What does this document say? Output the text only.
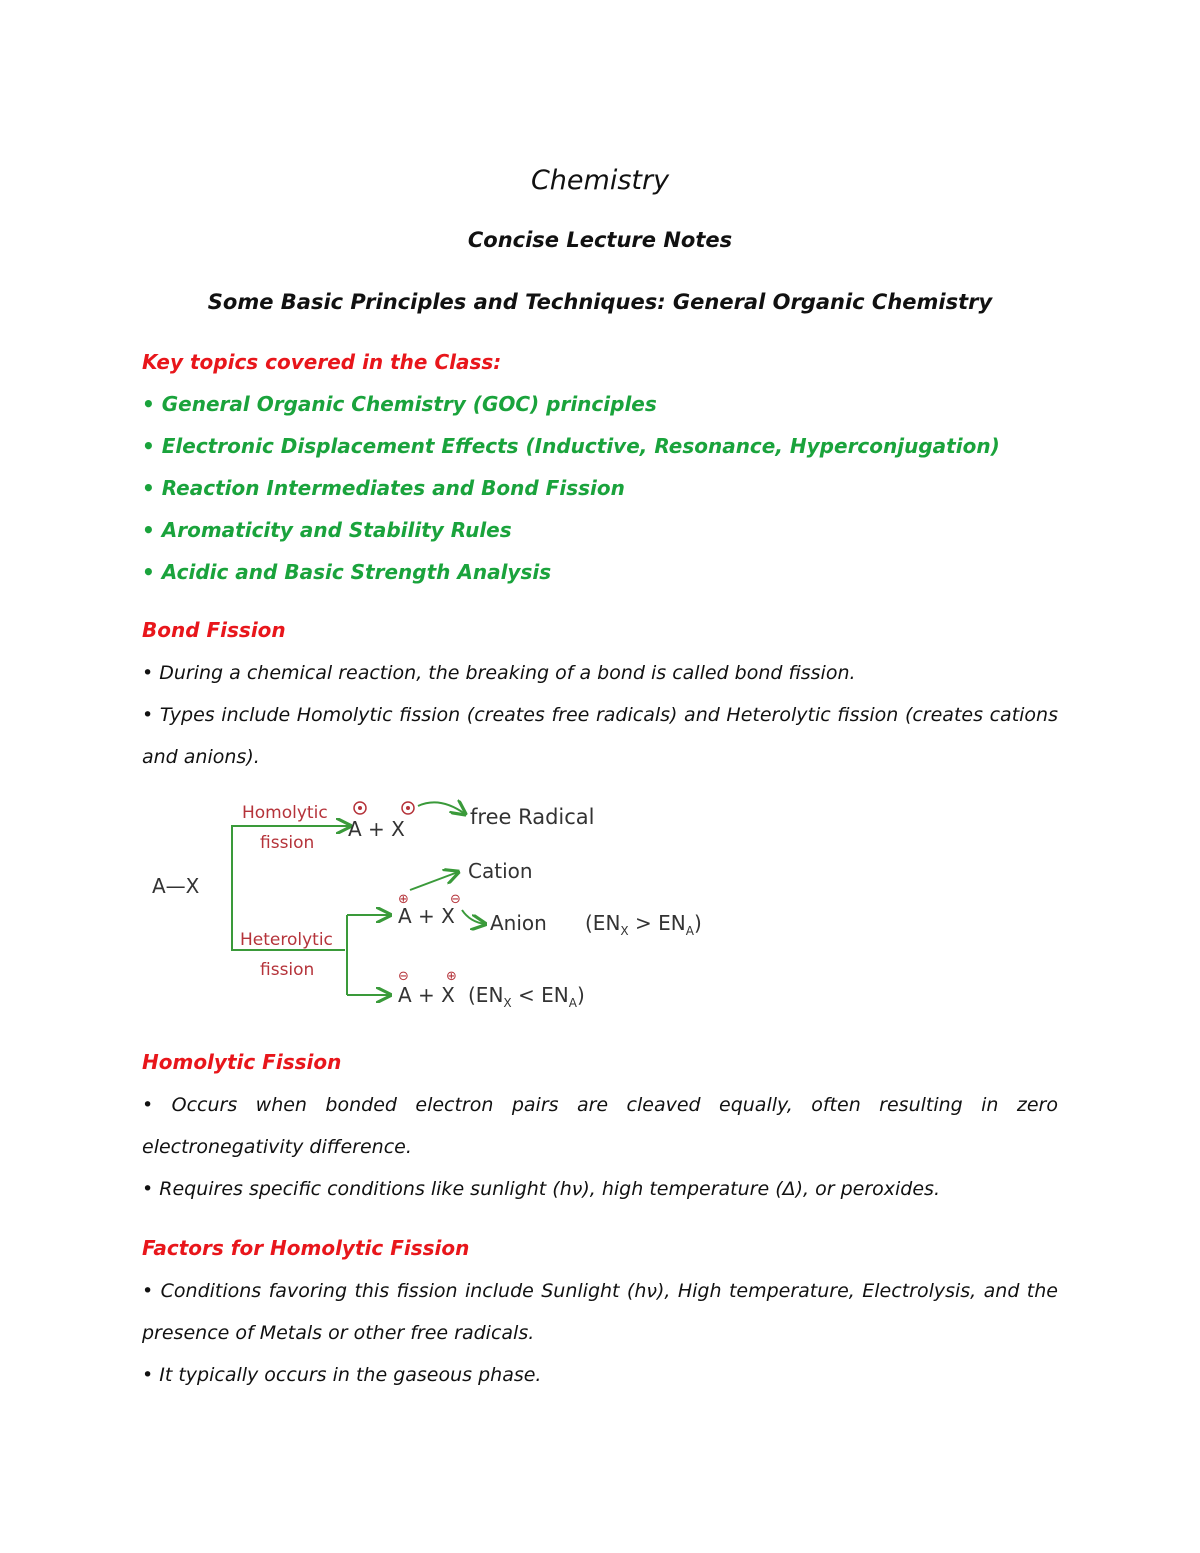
Chemistry
Concise Lecture Notes
Some Basic Principles and Techniques: General Organic Chemistry
Key topics covered in the Class:
• General Organic Chemistry (GOC) principles
• Electronic Displacement Effects (Inductive, Resonance, Hyperconjugation)
• Reaction Intermediates and Bond Fission
• Aromaticity and Stability Rules
• Acidic and Basic Strength Analysis
Bond Fission
• During a chemical reaction, the breaking of a bond is called bond fission.
• Types include Homolytic fission (creates free radicals) and Heterolytic fission (creates cations and anions).
A—X
Homolytic
fission
Heterolytic
fission
A + X	free Radical
Cation
⊕	⊖
A + X Anion $(EN_X > EN_A)$
⊖	⊕
A + X $(EN_X < EN_A)$
Homolytic Fission
• Occurs when bonded electron pairs are cleaved equally, often resulting in zero electronegativity difference.
• Requires specific conditions like sunlight (hν), high temperature (Δ), or peroxides.
Factors for Homolytic Fission
• Conditions favoring this fission include Sunlight (hν), High temperature, Electrolysis, and the presence of Metals or other free radicals.
• It typically occurs in the gaseous phase.
